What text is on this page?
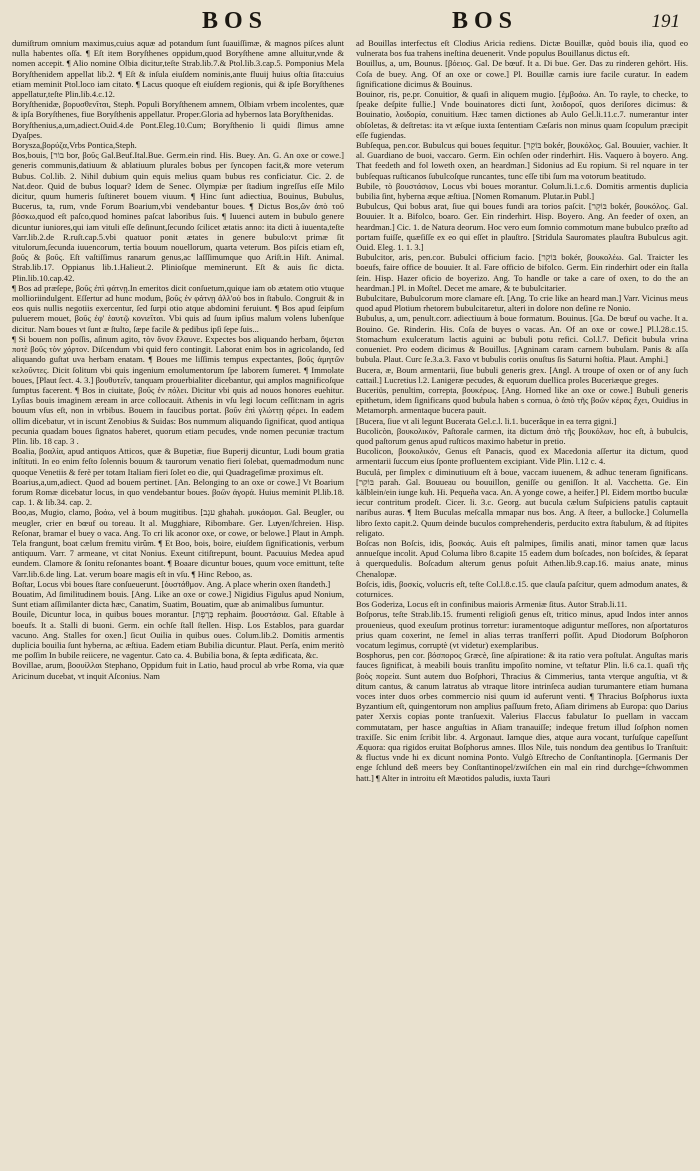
BOS	BOS	191

dumiſtrum omnium maximus,cuius aquæ ad potandum ſunt ſuauiſſimæ, & magnos piſces alunt nulla habentes oſſa. ¶ Eſt item Boryſthenes oppidum,quod Boryſthene amne alluitur,vnde & nomen accepit. ¶ Alio nomine Olbia dicitur,teſte Strab.lib.7.& Ptol.lib.3.cap.5. Pomponius Mela Boryſthenidem appellat lib.2. ¶ Eſt & inſula eiuſdem nominis,ante fluuij huius oſtia ſita:cuius etiam meminit Ptol.loco iam citato. ¶ Lacus quoque eſt eiuſdem regionis, qui & ipſe Boryſthenes appellatur,teſte Plin.lib.4.c.12.

Boryſthenidæ, βορυσθενῖται, Steph. Populi Boryſthenem amnem, Olbiam vrbem incolentes, quæ & ipſa Boryſthenes, fiue Boryſthenis appellatur. Proper.Gloria ad hybernos lata Boryſthenidas.

Boryſthenius,a,um,adiect.Ouid.4.de Pont.Eleg.10.Cum; Boryſthenio li quidi ſlimus amne Dyaſpes.

Borysza,βορύζα,Vrbs Pontica,Steph.

Bos,bouis, [בוֹר bor, βοῦς Gal.Beuf.Ital.Bue. Germ.ein rind. His. Buey. An. G. An oxe or cowe.] generis communis,datiuum & ablatiuum plurales bobus per ſyncopen facit,& more veterum Bubus. Col.lib. 2. Nihil dubium quin equis melius quam bubus res conficiatur. Cic. 2. de Nat.deor. Quid de bubus loquar? Idem de Senec. Olympiæ per ſtadium ingreſſus eſſe Milo dicitur, quum humeris ſuſtineret bouem viuum. ¶ Hinc ſunt adiectiua, Bouinus, Bubulus, Bucerus, ta, rum, vnde Forum Boarium,vbi vendebantur boues. ¶ Dictus Bos,ὢν ἀπὸ τοῦ βόσκω,quod eſt paſco,quod homines paſcat laboribus ſuis. ¶ Iuuenci autem in bubulo genere dicuntur iuniores,qui iam vituli eſſe deſinunt,ſecundo ſcilicet ætatis anno: ita dicti à iuuenta,teſte Varr.lib.2.de R.ruſt.cap.5.vbi quatuor ponit ætates in genere bubulo:vt primæ ſit vitulorum,ſecunda iuuencorum, tertia bouum nouellorum, quarta veterum. Bos piſcis etiam eſt, βοῦς & βοῦς. Eſt vaſtiſſimus ranarum genus,ac laſſſimumque quo Ariſt.in Hiſt. Animal. Strab.lib.17. Oppianus lib.1.Halieut.2. Plinioſque meminerunt. Eſt & auis ſic dicta. Plin.lib.10.cap.42.

¶ Bos ad præſepe, βοῦς ἐπὶ φάτνῃ.In emeritos dicit conſuetum,quique iam ob ætatem otio vtuque mollioriindulgent. Eſſertur ad hunc modum, βοῦς ἐν φάτνῃ ἀλλ'οὐ bos in ſtabulo. Congruit & in eos quis nullis negotiis exercentur, ſed ſurpi otio atque abdomini feruiunt. ¶ Bos apud ſeipſum puluerem mouet, βοῦς ἐφ' ἑαυτῷ κονιεῖται. Vbi quis ad ſuum ipſius malum volens lubenſque dicitur. Nam boues vt ſunt æ ſtulto, ſæpe facile & pedibus ipſi ſepe ſuis...

¶ Si bouem non poſſis, aſinum agito, τὸν ὄνον ἔλαυνε. Expectes bos aliquando herbam, ὄψεται ποτὲ βοῦς τὸν χόρτον. Diſcendum vbi quid fero contingit. Laborat enim bos in agricolando, ſed aliquando guſtat uva herbam enatam. ¶ Boues me liſſimis tempus expectantes, βοῦς ἀμητῶν κελοῦντες. Dicit ſolitum vbi quis ingenium emolumentorum ſpe laborem ſumeret. ¶ Immolate boues, [Plaut ſect. 4. 3.] βουθυτεῖν, tanquam prouerbialiter dicebantur, qui amplos magnificoſque ſumptus facerent. ¶ Bos in ciuitate, βοῦς ἐν πόλει. Dicitur vbi quis ad nouos honores euehitur. Lyſias bouis imaginem æream in arce collocauit. Athenis in vſu legi locum ceſſit:nam in agris bouum vſus eſt, non in vrbibus. Bouem in faucibus portat. βοῦν ἐπὶ γλώττῃ φέρει. In eadem ollim dicebatur, vt in iscunt Zenobius & Suidas: Bos nummum aliquando ſignificat, quod antiqua pecunia quadam boues ſignatos haberet, quorum etiam pecudes, vnde nomen pecuniæ tractum Plin. lib. 18 cap. 3 .

Boalia, βοαλία, apud antiquos Atticos, quæ & Bupetiæ, fiue Buperij dicuntur, Ludi boum gratia inſtituti. In eo enim feſto ſolennis bouum & taurorum venatio fieri ſolebat, quemadmodum nunc quoque Venetiis & ferè per totam Italiam fieri ſolet eo die, qui Quadrageſimæ proximus eſt.

Boarius,a,um,adiect. Quod ad bouem pertinet. [An. Belonging to an oxe or cowe.] Vt Boarium forum Romæ dicebatur locus, in quo vendebantur boues. βοῶν ἀγορά. Huius meminit Pl.lib.18. cap. 1. & lib.34. cap. 2.

Boo,as, Mugio, clamo, βοάω, vel à boum mugitibus. [עגָב ghahah. μυκάομαι. Gal. Beugler, ou meugler, crier en bœuf ou toreau. It al. Mugghiare, Ribombare. Ger. Luͤyen/ſchreien. Hisp. Reſonar, bramar el buey o vaca. Ang. To cri lik aconor oxe, or cowe, or belowe.] Plaut in Amph. Tela frangunt, boat cælum fremitu virûm. ¶ Et Boo, bois, boire, eiuſdem ſignificationis, verbum antiquum. Varr. 7 armeane, vt citat Nonius. Exeunt citiſtrepunt, bount. Pacuuius Medea apud eundem. Clamore & ſonitu reſonantes boant. ¶ Boaare dicuntur boues, quum voce emittunt, teſte Varr.lib.6.de ling. Lat. verum boare magis eſt in vſu. ¶ Hinc Reboo, as.

Boſtar, Locus vbi boues ſtare conſueuerunt. [ὀυστάθμον. Ang. A place wherin oxen ſtandeth.]

Bouatim, Ad ſimilitudinem bouis. [Ang. Like an oxe or cowe.] Nigidius Figulus apud Nonium, Sunt etiam aſſimilanter dicta hæc, Canatim, Suatim, Bouatim, quæ ab animalibus ſumuntur.

Bouile, Dicuntur loca, in quibus boues morantur. [בָּרֶפֶת rephaim. βουστάσια. Gal. Eſtable à boeufs. It a. Stalli di buoni. Germ. ein ochſe ſtall ſtellen. Hisp. Los Establos, para guardar vacuno. Ang. Stalles for oxen.] ſicut Ouilia in quibus oues. Colum.lib.2. Domitis armentis duplicia bouilia ſunt hyberna, ac æſtiua. Eadem etiam Bubilia dicuntur. Plaut. Perſa, enim meritò me poſſim In bubile reiicere, ne vagentur. Cato ca. 4. Bubilia bona, & ſepta ædificata, &c.

Bovillae, arum, βοουίλλαι Stephano, Oppidum fuit in Latio, haud procul ab vrbe Roma, via quæ Aricinum ducebat, vt inquit Aſconius. Nam

ad Bouillas interfectus eſt Clodius Aricia rediens. Dictæ Bouillæ, quòd bouis ilia, quod eo vulnerata bos fua trahens ineſtina deuenerit. Vnde populus Bouillanus dictus eſt.

Bouillus, a, um, Bounus. [βόειος. Gal. De bœuf. It a. Di bue. Ger. Das zu rinderen gehört. His. Coſa de buey. Ang. Of an oxe or cowe.] Pl. Bouillæ carnis iure facile curatur. In eadem ſignificatione dicimus & Bouinus.

Bouinor, ris, pe.pr. Conuitior, & quaſi in aliquem mugio. [ἐμβοάω. An. To rayle, to checke, to ſpeake deſpite fullie.] Vnde bouinatores dicti ſunt, λοιδοροῖ, quos deriſores dicimus: & Bouinatio, λοιδορία, conuitium. Hæc tamen dictiones ab Aulo Gel.li.11.c.7. numerantur inter obſoletas, & deſtretas: ita vt æſque iuxta ſententiam Cæſaris non minus quam ſcopulum præcipit eſſe fugiendas.

Bubſequa, pen.cor. Bubulcus qui boues ſequitur. [בּוֹקֵר bokér, βουκόλος. Gal. Bouuier, vachier. It al. Guardiano de buoi, vaccaro. Germ. Ein ochſen oder rinderhirt. His. Vaquero à boyero. Ang. That feedeth and fol loweth oxen, an heardman.] Sidonius ad Eu ropium. Si rel nquare in ter bubſequas ruſticanos ſubulcoſque runcantes, tunc eſſe tibi ſum ma votorum beatitudo.

Bubile, τὸ βουστάσιον, Locus vbi boues morantur. Colum.li.1.c.6. Domitis armentis duplicia bubilia ſint, hyberna æque æſtiua. [Nomen Romanum. Plutar.in Publ.]

Bubulcus, Qui bobus arat, ſiue qui boues fundi ara torios paſcit. [בּוֹקֵר bokér, βουκόλος. Gal. Bouuier. It a. Bifolco, boaro. Ger. Ein rinderhirt. Hisp. Boyero. Ang. An feeder of oxen, an heardman.] Cic. 1. de Natura deorum. Hoc vero eum ſomnio commotum mane bubulco præſto ad portam fuiſſe, quæſiſſe ex eo qui eſſet in plauſtro. [Stridula Sauromates plauſtra Bubulcus agit. Ouid. Eleg. 1. 1. 3.]

Bubulcitor, aris, pen.cor. Bubulci officium facio. [בּוֹקֵר bokér, βουκολέω. Gal. Traicter les boeufs, faire office de bouuier. It al. Fare officio de bifolco. Germ. Ein rinderhirt oder ein ſtalla ſein. Hisp. Hazer oficio de boyerizo. Ang. To handle or take a care of oxen, to do the an heardman.] Pl. in Moſtel. Decet me amare, & te bubulcitarier.

Bubulcitare, Bubulcorum more clamare eſt. [Ang. To crie like an heard man.] Varr. Vicinus meus quod apud Plotium rhetorem bubulcitaretur, alteri in dolore non deſine re Nonio.

Bubulus, a, um, penult.corr. adiectiuum à boue formatum. Bouinus. [Ga. De bœuf ou vache. It a. Bouino. Ge. Rinderin. His. Coſa de buyes o vacas. An. Of an oxe or cowe.] Pl.l.28.c.15. Stomachum exulceratum lactis aguini ac bubuli potu refici. Col.l.7. Deficit bubula vrina conueniet. Pro eodem dicimus & Bouillus. [Agninam caram carnem bubulam. Panis & aſſa bubula. Plaut. Curc ſe.3.a.3. Faxo vt bubulis coriis onuſtus ſis Saturni hoſtia. Plaut. Amphi.]

Bucera, æ, Boum armentarii, ſiue bubuli generis grex. [Angl. A troupe of oxen or of any ſuch cattail.] Lucretius l.2. Lanigeræ pecudes, & equorum duellica proles Buceriæque greges.

Buceriüs, penultim, correpta, βουκέρως. [Ang. Horned like an oxe or cowe.] Bubuli generis epithetum, idem ſignificans quod bubula haben s cornua, ὁ ἀπὸ τῆς βοῶν κέρας ἔχει, Ouidius in Metamorph. armentaque bucera pauit.

[Bucera, ſiue vt ali legunt Bucerata Gel.c.l. li.1. bucerâque in ea terra gigni.]

Bucolicòn, βουκολικόν, Paſtorale carmen, ita dictum ἀπὸ τῆς βουκόλων, hoc eſt, à bubulcis, quod paſtorum genus apud ruſticos maximo habetur in pretio.

Bucolicon, βουκολικόν, Genus eſt Panacis, quod ex Macedonia aſſertur ita dictum, quod armentarii ſuccum eius ſponte profluentem excipiant. Vide Plin. l.12 c. 4.

Buculá, per ſimplex c diminutiuum eſt à boue, vaccam iuuenem, & adhuc teneram ſignificans. [בּוֹקֵר parah. Gal. Bouueau ou bouuillon, geniſſe ou geniſſon. It al. Vacchetta. Ge. Ein kälblein/ein iunge kuh. Hi. Pequeña vaca. An. A yonge cowe, a heifer.] Pl. Eidem mortbo buculæ iecur contritum prodeſt. Cicer. li. 3.c. Georg. aut bucula cælum Suſpiciens patulis captauit naribus auras. ¶ Item Buculas meſcalla mmapar nus bos. Ang. A ſteer, a bullocke.] Columella libro ſexto capit.2. Quum deinde buculos comprehenderis, perducito extra ſtabulum, & ad ſtipites religato.

Boſcas non Boſcis, idis, βοσκάς. Auis eſt palmipes, ſimilis anati, minor tamen quæ lacus annueſque incolit. Apud Columa libro 8.capite 15 eadem dum boſcades, non boſcides, & ſeparat à querquedulis. Boſcadum alterum genus poſuit Athen.lib.9.cap.16. maius anate, minus Chenalopæ.

Boſcis, idis, βοσκίς, volucris eſt, teſte Col.l.8.c.15. que clauſa paſcitur, quem admodum anates, & coturnices.

Bos Goderiza, Locus eſt in confinibus maioris Armeniæ ſitus. Autor Strab.li.11.

Boſporus, teſte Strab.lib.15. frumenti religioſi genus eſt, tritico minus, apud Indos inter annos prouenieus, quod exeuſum protinus torretur: iuramentoque adiguntur meſſores, non aſportaturos prius quam coxerint, ne ſemel in alias terras tranſferri poſſit. Apud Diodorum Boſphoron vocatum legimus, corruptè (vt videtur) exemplaribus.

Bosphorus, pen cor. βόσπορος Græcè, ſine aſpiratione: & ita ratio vera poſtulat. Anguſtas maris fauces ſignificat, à meabili bouis tranſitu impoſito nomine, vt teſtatur Plin. li.6 ca.1. quaſi τῆς βοὸς πορεία. Sunt autem duo Boſphori, Thracius & Cimmerius, tanta vterque anguſtia, vt & ditum cantus, & canum latratus ab vtraque litore intrinſeca audian turumantere etiam humana voces inter duos orbes commercio nisi quum id auferunt venti. ¶ Thracius Boſphorus iuxta Byzantium eſt, quingentorum non amplius paſſuum freto, Aſiam dirimens ab Europa: quo Darius pater Xerxis copias ponte tranſuexit. Valerius Flaccus fabulatur Io puellam in vaccam commutatam, per hasce anguſtias in Aſiam tranauiſſe; indeque fretum illud ſoſphon nomen traxiſſe. Sic enim ſcribit libr. 4. Argonaut. Iamque dies, atque aura vocant, turſuſque capeſſunt Æquora: qua rigidos eruitat Boſphorus amnes. Illos Nile, tuis nondum dea gentibus Io Tranſtuit: & fluctus vnde hi ex dicunt nomina Ponto. Vulgò Eſtrecho de Conſtantinopla. [Germanis Der enge ſchlund deß meers bey Conſtantinopel/zwiſchen ein mal ein rind durchge=ſchwommen hatt.] ¶ Alter in introitu eſt Mæotidos paludis, iuxta Tauri
